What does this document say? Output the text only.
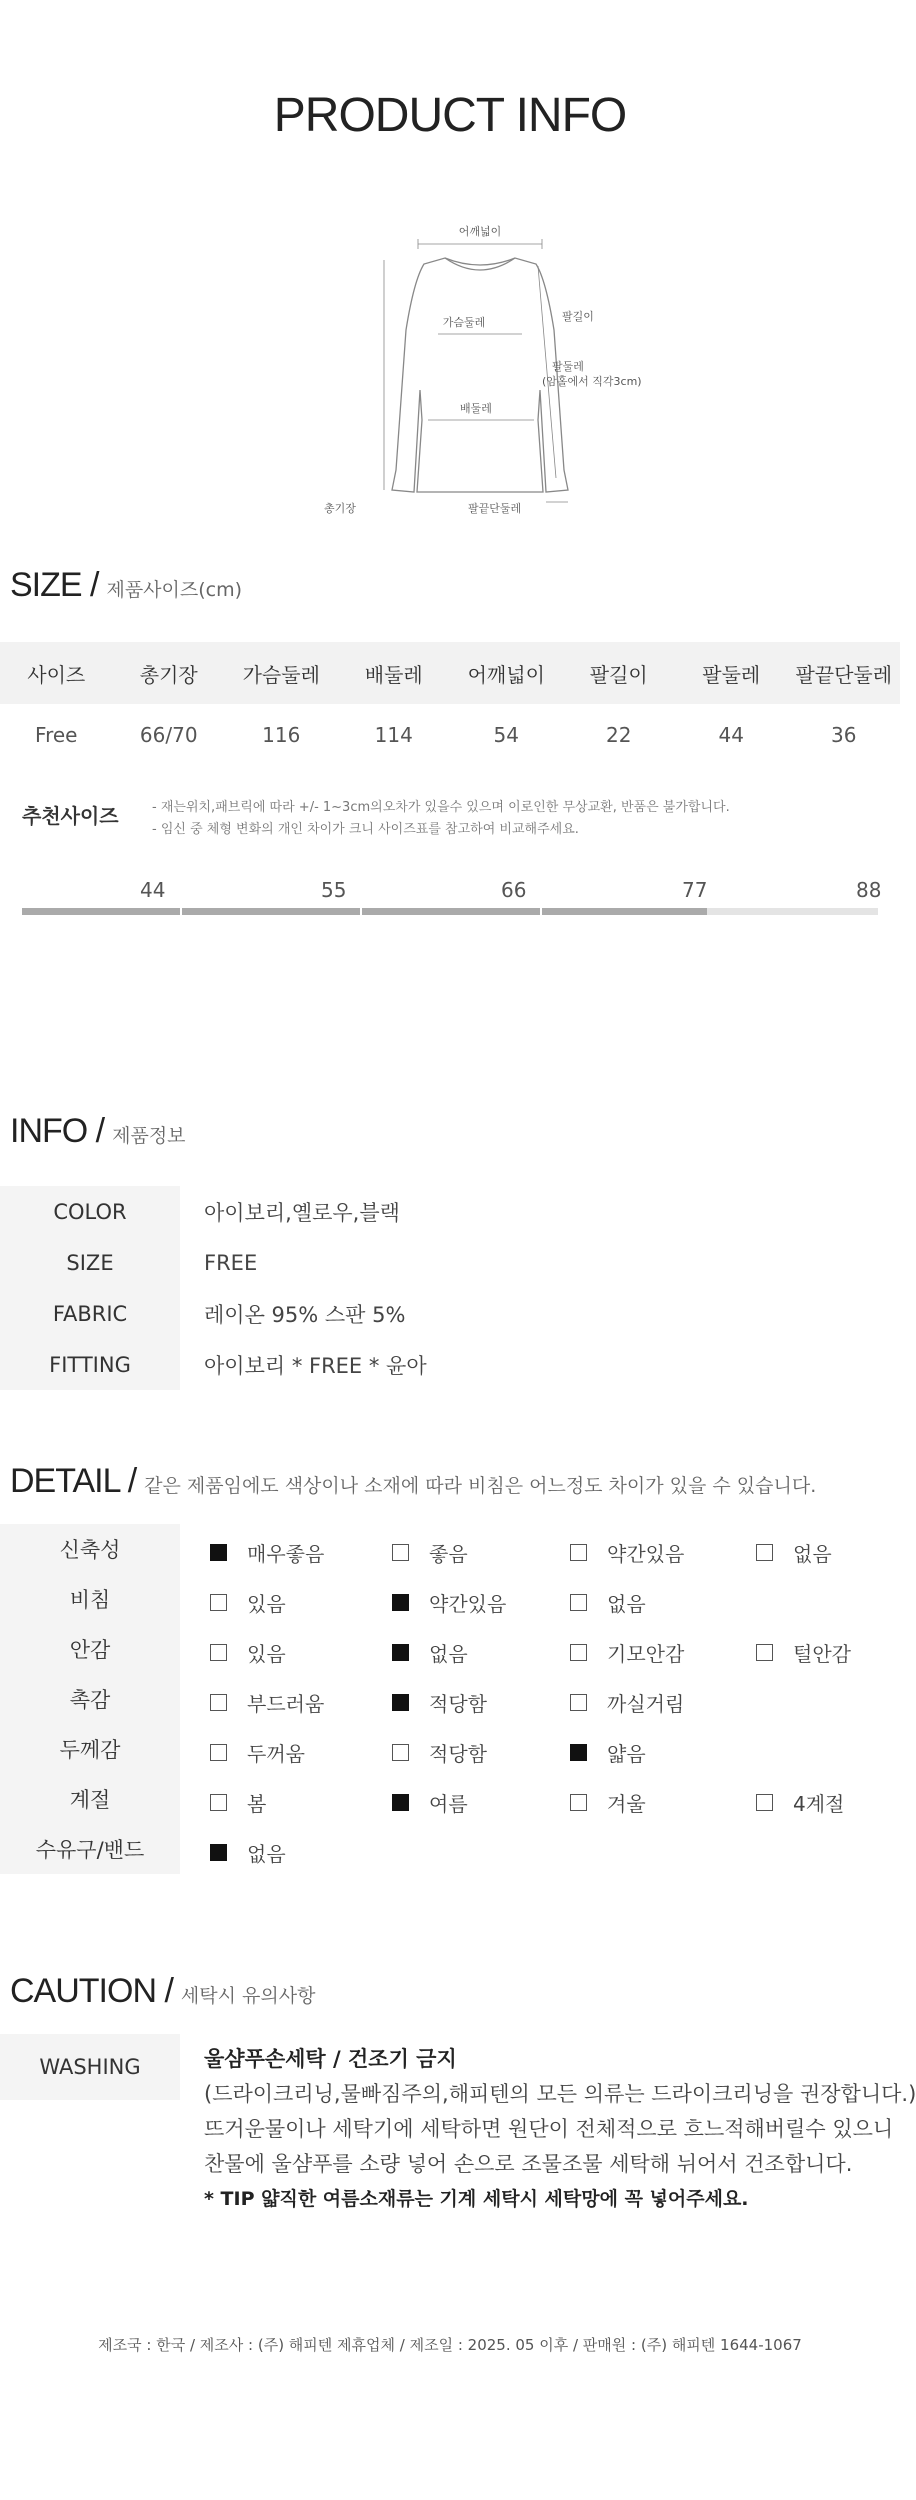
PRODUCT INFO
어깨넓이
가슴둘레	팔길이
팔둘레
(암홀에서 직각3cm)
배둘레
총기장	팔끝단둘레
SIZE / 제품사이즈(cm)
사이즈	총기장	가슴둘레	배둘레	어깨넓이	팔길이	팔둘레	팔끝단둘레
Free	66/70	116	114	54	22	44	36
추천사이즈	- 재는위치,패브릭에 따라 +/- 1~3cm의오차가 있을수 있으며 이로인한 무상교환, 반품은 불가합니다.
- 임신 중 체형 변화의 개인 차이가 크니 사이즈표를 참고하여 비교해주세요.
44	55	66	77	88
INFO / 제품정보
COLOR	아이보리,옐로우,블랙
SIZE	FREE
FABRIC	레이온 95% 스판 5%
FITTING	아이보리 * FREE * 윤아
DETAIL / 같은 제품임에도 색상이나 소재에 따라 비침은 어느정도 차이가 있을 수 있습니다.
신축성	매우좋음	좋음	약간있음	없음
비침	있음	약간있음	없음
안감	있음	없음	기모안감	털안감
촉감	부드러움	적당함	까실거림
두께감	두꺼움	적당함	얇음
계절	봄	여름	겨울	4계절
수유구/밴드	없음
CAUTION / 세탁시 유의사항
WASHING	울샴푸손세탁 / 건조기 금지
(드라이크리닝,물빠짐주의,해피텐의 모든 의류는 드라이크리닝을 권장합니다.)
뜨거운물이나 세탁기에 세탁하면 원단이 전체적으로 흐느적해버릴수 있으니
찬물에 울샴푸를 소량 넣어 손으로 조물조물 세탁해 뉘어서 건조합니다.
* TIP 얇직한 여름소재류는 기계 세탁시 세탁망에 꼭 넣어주세요.
제조국 : 한국 / 제조사 : (주) 해피텐 제휴업체 / 제조일 : 2025. 05 이후 / 판매원 : (주) 해피텐 1644-1067
